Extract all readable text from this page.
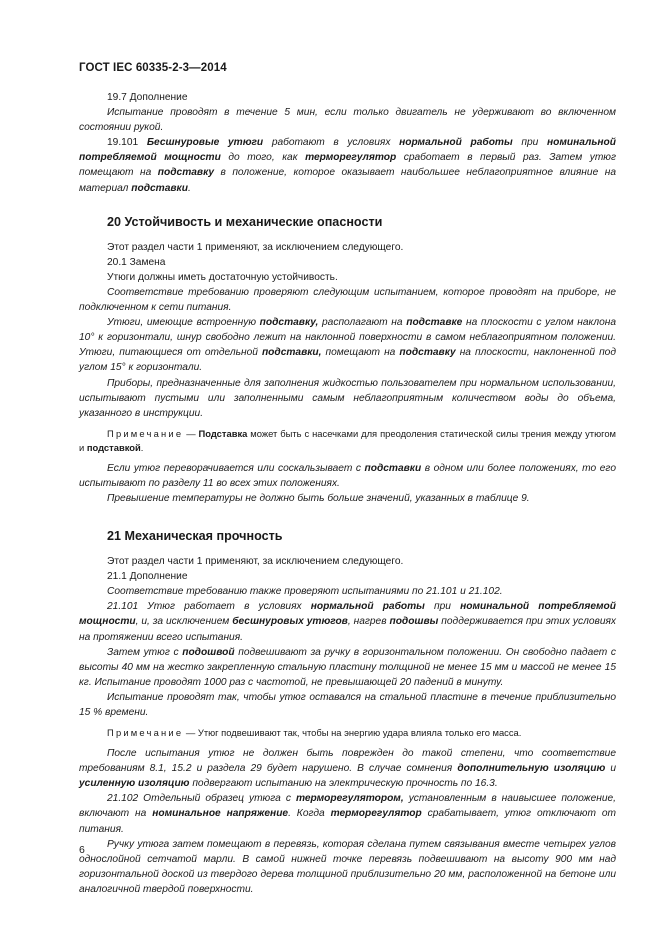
ГОСТ IEC 60335-2-3—2014

19.7 Дополнение

Испытание проводят в течение 5 мин, если только двигатель не удерживают во включенном состоянии рукой.

19.101 Бесшнуровые утюги работают в условиях нормальной работы при номинальной потребляемой мощности до того, как терморегулятор сработает в первый раз. Затем утюг помещают на подставку в положение, которое оказывает наибольшее неблагоприятное влияние на материал подставки.

20 Устойчивость и механические опасности

Этот раздел части 1 применяют, за исключением следующего.

20.1 Замена

Утюги должны иметь достаточную устойчивость.

Соответствие требованию проверяют следующим испытанием, которое проводят на приборе, не подключенном к сети питания.

Утюги, имеющие встроенную подставку, располагают на подставке на плоскости с углом наклона 10° к горизонтали, шнур свободно лежит на наклонной поверхности в самом неблагоприятном положении. Утюги, питающиеся от отдельной подставки, помещают на подставку на плоскости, наклоненной под углом 15° к горизонтали.

Приборы, предназначенные для заполнения жидкостью пользователем при нормальном использовании, испытывают пустыми или заполненными самым неблагоприятным количеством воды до объема, указанного в инструкции.

Примечание — Подставка может быть с насечками для преодоления статической силы трения между утюгом и подставкой.

Если утюг переворачивается или соскальзывает с подставки в одном или более положениях, то его испытывают по разделу 11 во всех этих положениях.

Превышение температуры не должно быть больше значений, указанных в таблице 9.

21 Механическая прочность

Этот раздел части 1 применяют, за исключением следующего.

21.1 Дополнение

Соответствие требованию также проверяют испытаниями по 21.101 и 21.102.

21.101 Утюг работает в условиях нормальной работы при номинальной потребляемой мощности, и, за исключением бесшнуровых утюгов, нагрев подошвы поддерживается при этих условиях на протяжении всего испытания.

Затем утюг с подошвой подвешивают за ручку в горизонтальном положении. Он свободно падает с высоты 40 мм на жестко закрепленную стальную пластину толщиной не менее 15 мм и массой не менее 15 кг. Испытание проводят 1000 раз с частотой, не превышающей 20 падений в минуту.

Испытание проводят так, чтобы утюг оставался на стальной пластине в течение приблизительно 15 % времени.

Примечание — Утюг подвешивают так, чтобы на энергию удара влияла только его масса.

После испытания утюг не должен быть поврежден до такой степени, что соответствие требованиям 8.1, 15.2 и раздела 29 будет нарушено. В случае сомнения дополнительную изоляцию и усиленную изоляцию подвергают испытанию на электрическую прочность по 16.3.

21.102 Отдельный образец утюга с терморегулятором, установленным в наивысшее положение, включают на номинальное напряжение. Когда терморегулятор срабатывает, утюг отключают от питания.

Ручку утюга затем помещают в перевязь, которая сделана путем связывания вместе четырех углов однослойной сетчатой марли. В самой нижней точке перевязь подвешивают на высоту 900 мм над горизонтальной доской из твердого дерева толщиной приблизительно 20 мм, расположенной на бетоне или аналогичной твердой поверхности.

6
